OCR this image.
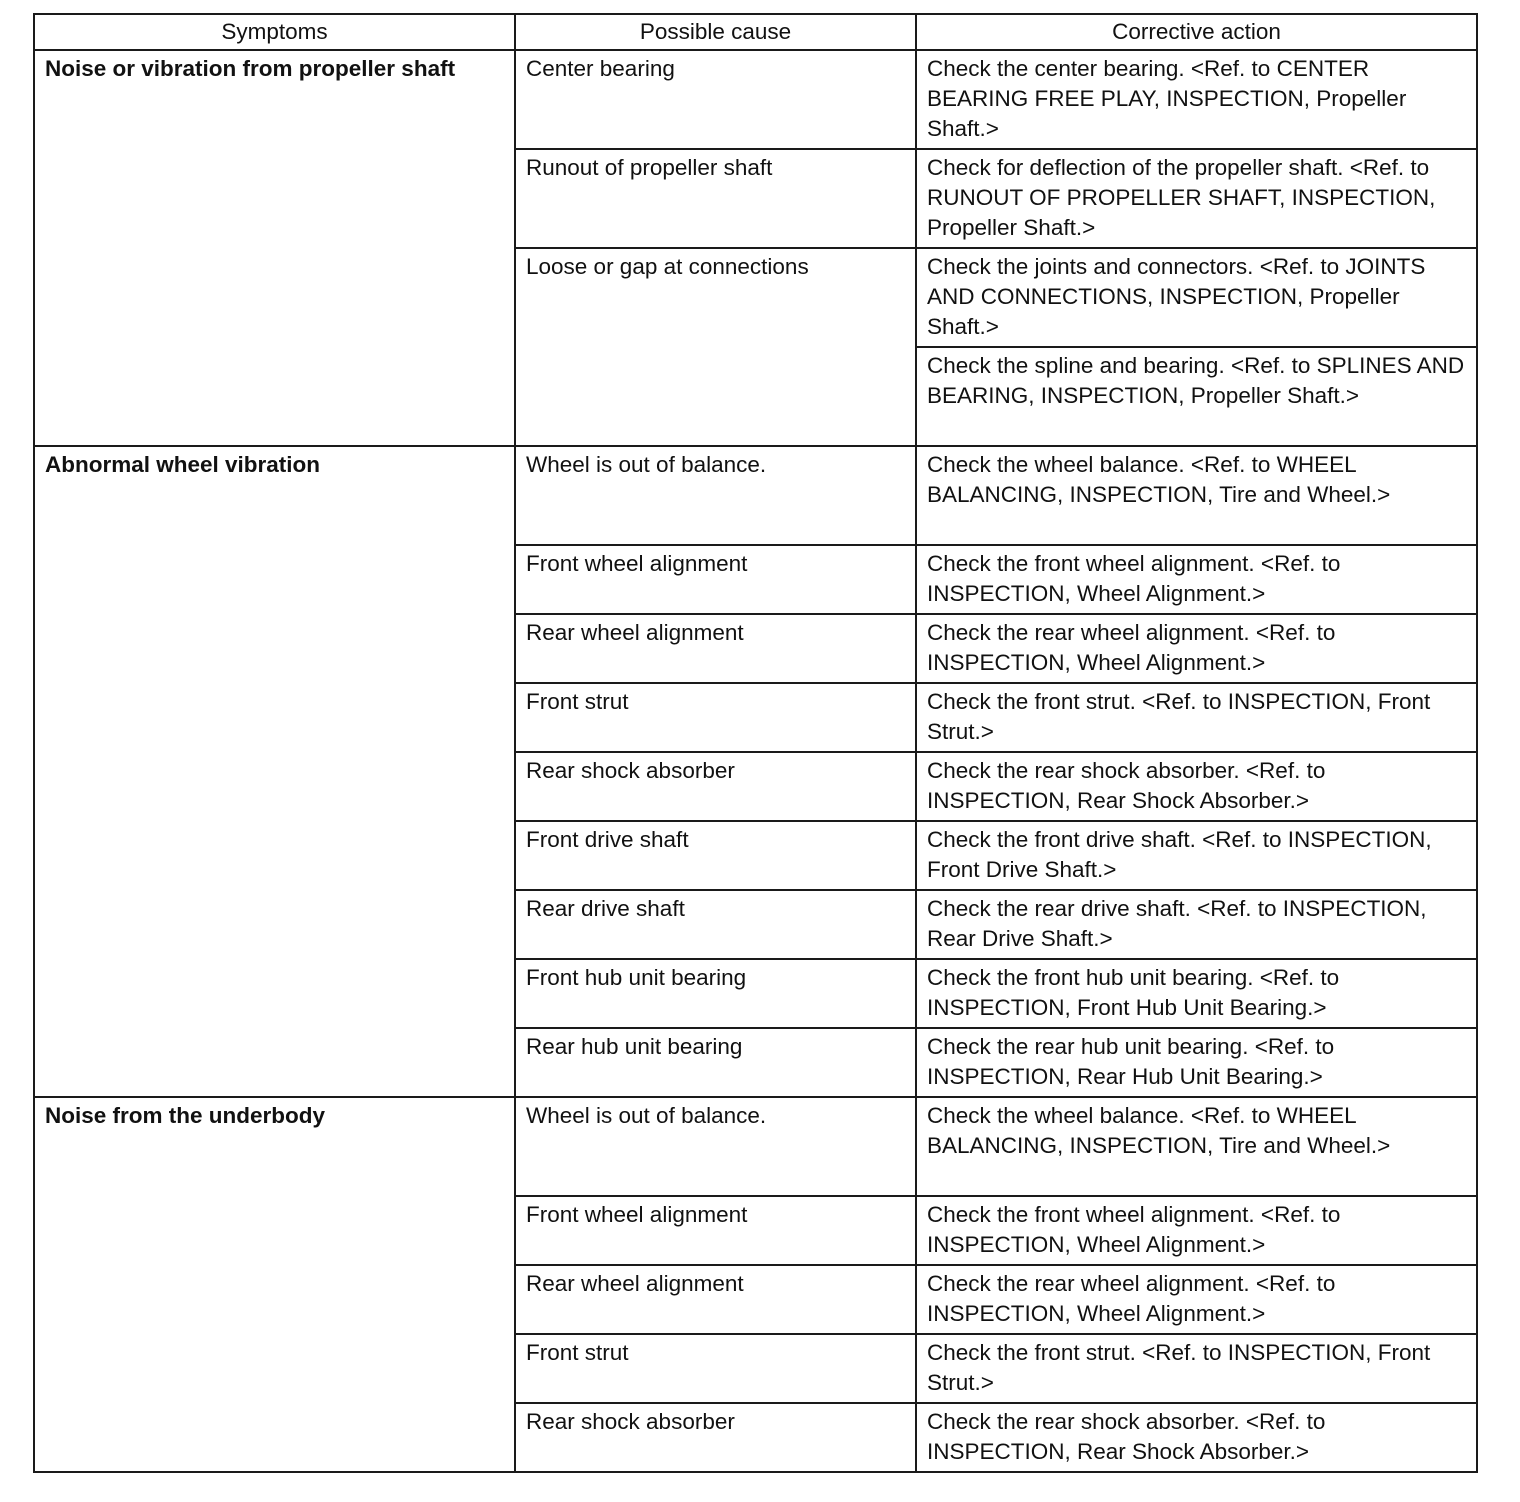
Symptoms	Possible cause	Corrective action
Noise or vibration from propeller shaft	Center bearing	Check the center bearing. <Ref. to CENTER BEARING FREE PLAY, INSPECTION, Propeller Shaft.>
	Runout of propeller shaft	Check for deflection of the propeller shaft. <Ref. to RUNOUT OF PROPELLER SHAFT, INSPECTION, Propeller Shaft.>
	Loose or gap at connections	Check the joints and connectors. <Ref. to JOINTS AND CONNECTIONS, INSPECTION, Propeller Shaft.>
		Check the spline and bearing. <Ref. to SPLINES AND BEARING, INSPECTION, Propeller Shaft.>
Abnormal wheel vibration	Wheel is out of balance.	Check the wheel balance. <Ref. to WHEEL BALANCING, INSPECTION, Tire and Wheel.>
	Front wheel alignment	Check the front wheel alignment. <Ref. to INSPECTION, Wheel Alignment.>
	Rear wheel alignment	Check the rear wheel alignment. <Ref. to INSPECTION, Wheel Alignment.>
	Front strut	Check the front strut. <Ref. to INSPECTION, Front Strut.>
	Rear shock absorber	Check the rear shock absorber. <Ref. to INSPECTION, Rear Shock Absorber.>
	Front drive shaft	Check the front drive shaft. <Ref. to INSPECTION, Front Drive Shaft.>
	Rear drive shaft	Check the rear drive shaft. <Ref. to INSPECTION, Rear Drive Shaft.>
	Front hub unit bearing	Check the front hub unit bearing. <Ref. to INSPECTION, Front Hub Unit Bearing.>
	Rear hub unit bearing	Check the rear hub unit bearing. <Ref. to INSPECTION, Rear Hub Unit Bearing.>
Noise from the underbody	Wheel is out of balance.	Check the wheel balance. <Ref. to WHEEL BALANCING, INSPECTION, Tire and Wheel.>
	Front wheel alignment	Check the front wheel alignment. <Ref. to INSPECTION, Wheel Alignment.>
	Rear wheel alignment	Check the rear wheel alignment. <Ref. to INSPECTION, Wheel Alignment.>
	Front strut	Check the front strut. <Ref. to INSPECTION, Front Strut.>
	Rear shock absorber	Check the rear shock absorber. <Ref. to INSPECTION, Rear Shock Absorber.>
